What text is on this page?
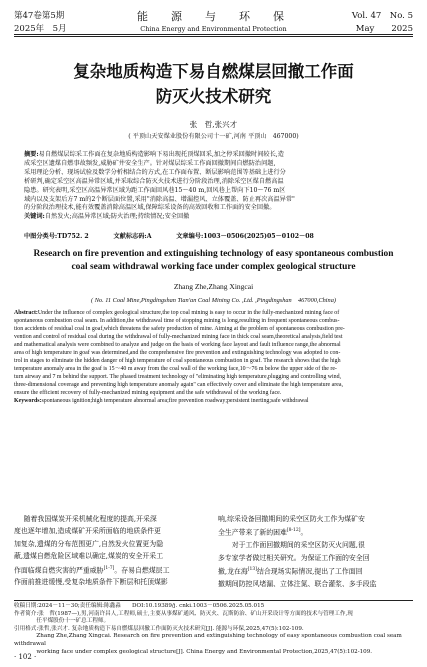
第47卷第5期
2025年　5月
能　源　与　环　保
China Energy and Environmental Protection
Vol. 47　No. 5
May　　2025
复杂地质构造下易自燃煤层回撤工作面
防灭火技术研究
张　哲,张兴才
( 平顶山天安煤业股份有限公司十一矿,河南 平顶山　467000)
摘要:易自燃煤层综采工作面在复杂地质构造影响下易出现托顶煤回采,加之停采回撤时间较长,造
成采空区遗煤自燃事故频发,威胁矿井安全生产。针对煤层综采工作面回撤期间自燃防治问题,
采用理论分析、现场试验及数学分析相结合的方式,在工作面布置、断层影响范围等基础上进行分
析研判,确定采空区高温异常区域,并采取综合防灭火技术进行分阶段治理,消除采空区煤自燃高温
隐患。研究表明,采空区高温异常区域为距工作面回风巷15～40 m,回风巷上帮向下10～76 m区
域内以及支架后方7 m的2个断层面位置,采用"消除高温、增漏控风、立体覆盖、防止再次高温异常"
的分阶段治理技术,能有效覆盖消除高温区域,保障综采设备的高效回收和工作面的安全回撤。
关键词:自然发火;高温异常区域;防火治理;持续情况;安全回撤
中图分类号:TD752. 2　　　　文献标志码:A　　　　文章编号:1003－0506(2025)05－0102－08
Research on fire prevention and extinguishing technology of easy spontaneous combustion
coal seam withdrawal working face under complex geological structure
Zhang Zhe,Zhang Xingcai
( No. 11 Coal Mine,Pingdingshan Tian'an Coal Mining Co. ,Ltd. ,Pingdingshan　467000,China)
Abstract:Under the influence of complex geological structure,the top coal mining is easy to occur in the fully-mechanized mining face of
spontaneous combustion coal seam. In addition,the withdrawal time of stopping mining is long,resulting in frequent spontaneous combus-
tion accidents of residual coal in goaf,which threatens the safety production of mine. Aiming at the problem of spontaneous combustion pre-
vention and control of residual coal during the withdrawal of fully-mechanized mining face in thick coal seam,theoretical analysis,field test
and mathematical analysis were combined to analyze and judge on the basis of working face layout and fault influence range,the abnormal
area of high temperature in goaf was determined,and the comprehensive fire prevention and extinguishing technology was adopted to con-
trol in stages to eliminate the hidden danger of high temperature of coal spontaneous combustion in goaf. The research shows that the high
temperature anomaly area in the goaf is 15～40 m away from the coal wall of the working face,10～76 m below the upper side of the re-
turn airway and 7 m behind the support. The phased treatment technology of "eliminating high temperature,plugging and controlling wind,
three-dimensional coverage and preventing high temperature anomaly again" can effectively cover and eliminate the high temperature area,
ensure the efficient recovery of fully-mechanized mining equipment and the safe withdrawal of the working face.
Keywords:spontaneous ignition;high temperature abnormal area;fire prevention roadway;persistent inerting;safe withdrawal
随着我国煤炭开采机械化程度的提高,开采深
度也逐年增加,造成煤矿开采所面临的地质条件更
加复杂,遗煤的分布范围更广,自然发火位置更为隐
蔽,遗煤自燃危险区域难以确定,煤炭的安全开采工
作面临煤自燃灾害的严重威胁[1-7]。存易自燃煤层工
作面前推进缓慢,受复杂地质条件下断层和托顶煤影
响,综采设备回撤期间的采空区防火工作为煤矿安
全生产带来了新的困难[8-12]。
　　对于工作面回撤期间的采空区防灭火问题,很
多专家学者做过相关研究。为保证工作面的安全回
撤,龙在海[13]结合现场实际情况,提出了工作面回
撤期间防控风堵漏、立体注氮、联合灌浆、多手段监
收稿日期:2024－11－30;责任编辑:陈鑫淼　　DOI:10.19389/j. cnki.1003－0506.2025.05.015
作者简介:张　哲(1987—),男,河南许昌人,工程师,硕士,主要从事煤矿通风、防灭火、瓦斯防治、矿山开采设计等方面的技术与管理工作,现
　　　　任平煤股份十一矿总工程师。
引用格式:张哲,张兴才. 复杂地质构造下易自燃煤层回撤工作面防灭火技术研究[J]. 能源与环保,2025,47(5):102-109.
　　　　Zhang Zhe,Zhang Xingcai. Research on fire prevention and extinguishing technology of easy spontaneous combustion coal seam withdrawal
　　　　working face under complex geological structure[J]. China Energy and Environmental Protection,2025,47(5):102-109.
· 102 ·
